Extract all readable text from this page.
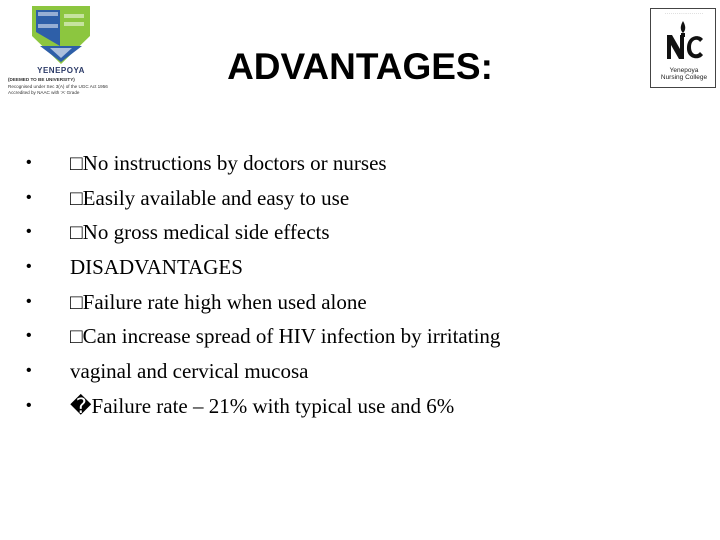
YENEPOYA
(DEEMED TO BE UNIVERSITY)
Recognised under Sec 3(A) of the UGC Act 1956
Accredited by NAAC with 'A' Grade
· · · · · · · · · · · · · · · · · · · ·
Yenepoya
Nursing College
ADVANTAGES:
•	□No instructions by doctors or nurses
•	□Easily available and easy to use
•	□No gross medical side effects
•	DISADVANTAGES
•	□Failure rate high when used alone
•	□Can increase spread of HIV infection by irritating
•	vaginal and cervical mucosa
•	�Failure rate – 21% with typical use and 6%
